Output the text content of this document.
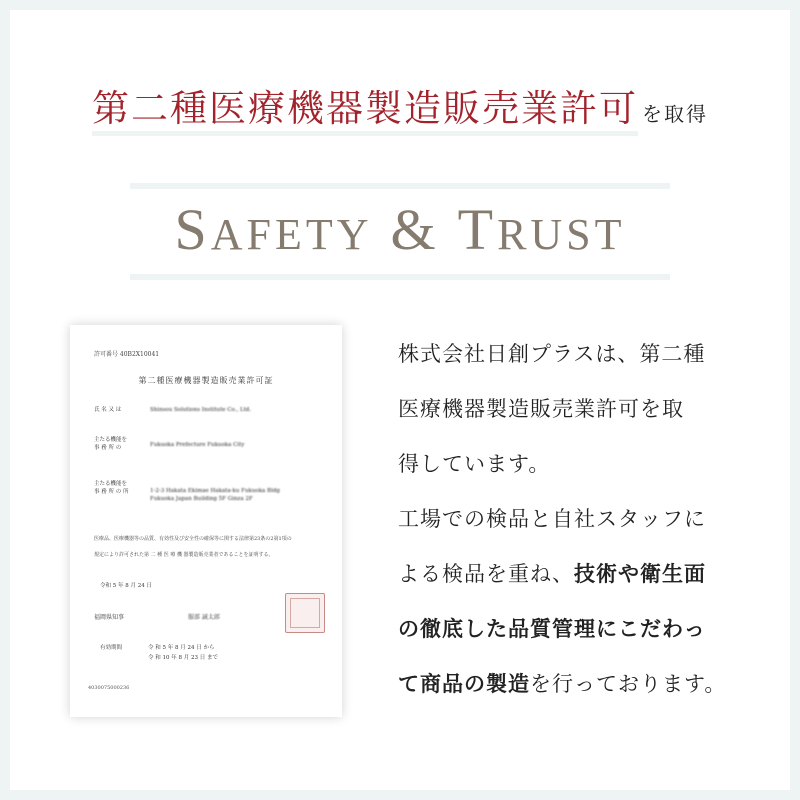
第二種医療機器製造販売業許可 を取得
SAFETY & TRUST
許可番号 40B2X10041
第二種医療機器製造販売業許可証
氏 名 又 は	Shinsou Solutions Institute Co., Ltd.
主たる機能を
事 務 所 の	Fukuoka Prefecture Fukuoka City
主たる機能を
事 務 所 の 所	1-2-3 Hakata Ekimae Hakata-ku Fukuoka Bldg
Fukuoka Japan Building 5F Ginza 2F
医療品、医療機器等の品質、有効性及び安全性の確保等に関する法律第23条の2第1項の
規定により許可された第 二 種 医 療 機 器製造販売業者であることを証明する。
令和 5 年 8 月 24 日
福岡県知事	服部 誠太郎
有効期間	令 和 5 年 8 月 24 日 から
令 和 10 年 8 月 23 日 まで
4030075000236
株式会社日創プラスは、第二種
医療機器製造販売業許可を取
得しています。
工場での検品と自社スタッフに
よる検品を重ね、技術や衛生面
の徹底した品質管理にこだわっ
て商品の製造を行っております。
